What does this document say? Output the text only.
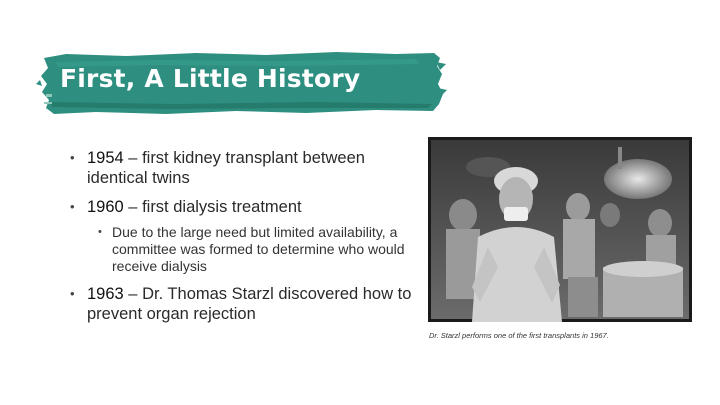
First, A Little History
• 1954 – first kidney transplant between identical twins
• 1960 – first dialysis treatment
• Due to the large need but limited availability, a committee was formed to determine who would receive dialysis
• 1963 – Dr. Thomas Starzl discovered how to prevent organ rejection
Dr. Starzl performs one of the first transplants in 1967.
